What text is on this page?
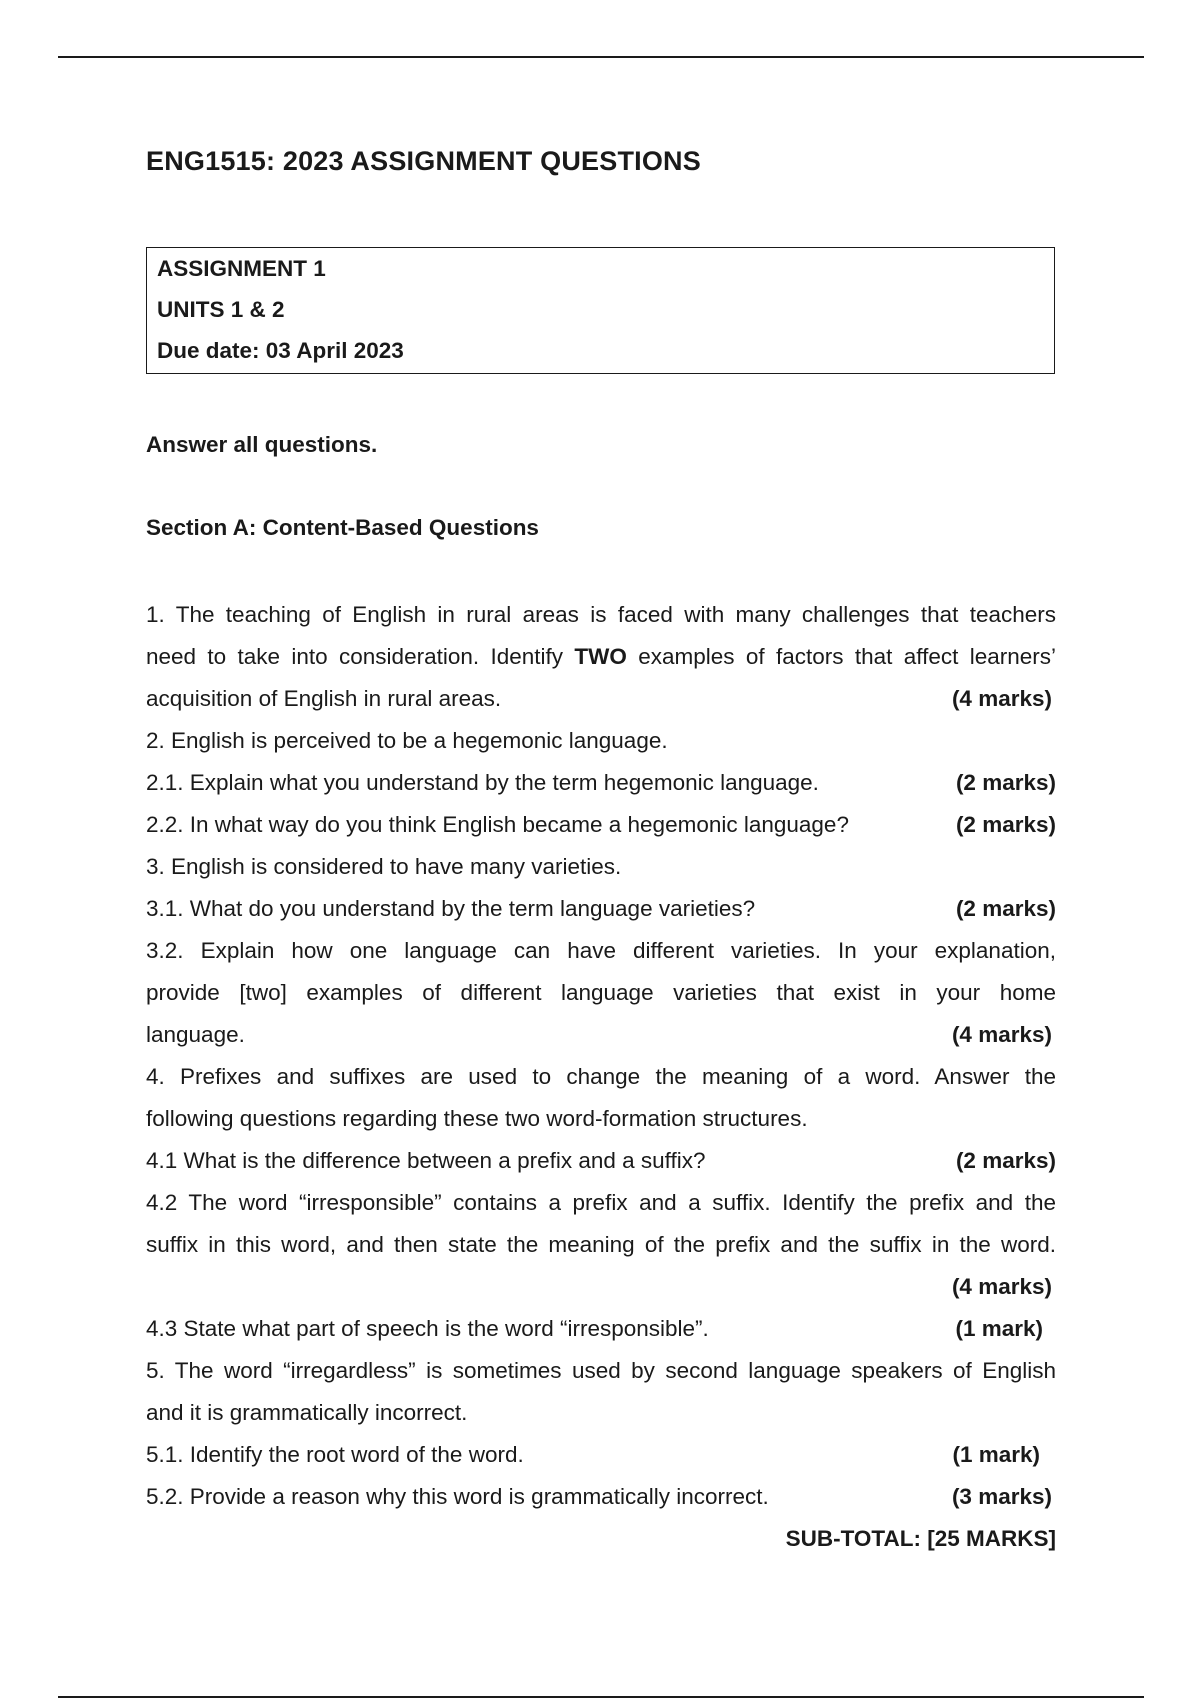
ENG1515: 2023 ASSIGNMENT QUESTIONS
ASSIGNMENT 1
UNITS 1 & 2
Due date: 03 April 2023
Answer all questions.
Section A: Content-Based Questions
1. The teaching of English in rural areas is faced with many challenges that teachers
need to take into consideration. Identify TWO examples of factors that affect learners’
acquisition of English in rural areas.	(4 marks)
2. English is perceived to be a hegemonic language.
2.1. Explain what you understand by the term hegemonic language.	(2 marks)
2.2. In what way do you think English became a hegemonic language?	(2 marks)
3. English is considered to have many varieties.
3.1. What do you understand by the term language varieties?	(2 marks)
3.2. Explain how one language can have different varieties. In your explanation,
provide [two] examples of different language varieties that exist in your home
language.	(4 marks)
4. Prefixes and suffixes are used to change the meaning of a word. Answer the
following questions regarding these two word-formation structures.
4.1 What is the difference between a prefix and a suffix?	(2 marks)
4.2 The word “irresponsible” contains a prefix and a suffix. Identify the prefix and the
suffix in this word, and then state the meaning of the prefix and the suffix in the word.
(4 marks)
4.3 State what part of speech is the word “irresponsible”.	(1 mark)
5. The word “irregardless” is sometimes used by second language speakers of English
and it is grammatically incorrect.
5.1. Identify the root word of the word.	(1 mark)
5.2. Provide a reason why this word is grammatically incorrect.	(3 marks)
SUB-TOTAL: [25 MARKS]
